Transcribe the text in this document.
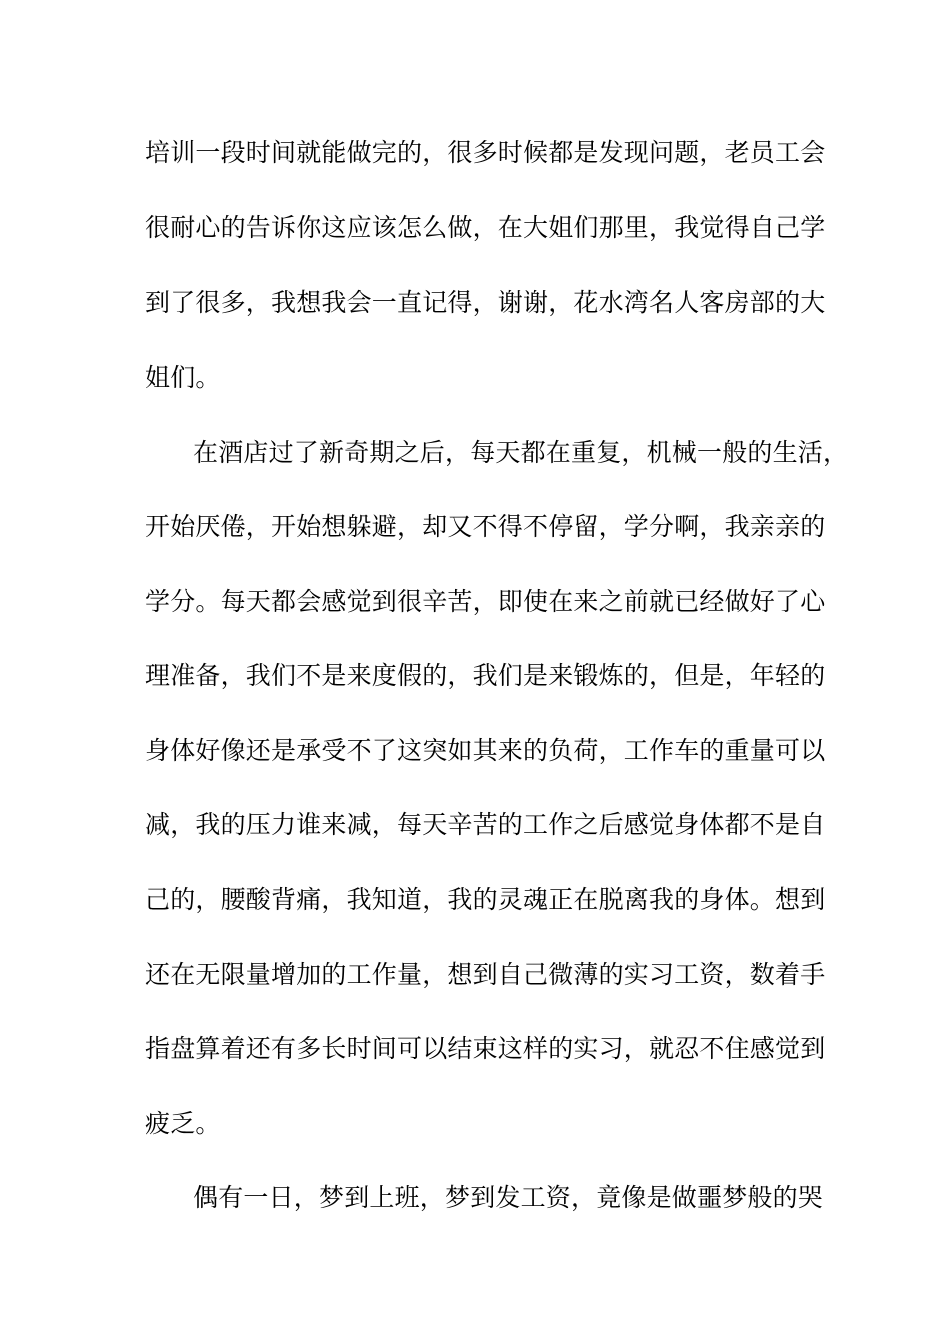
培训一段时间就能做完的，很多时候都是发现问题，老员工会
很耐心的告诉你这应该怎么做，在大姐们那里，我觉得自己学
到了很多，我想我会一直记得，谢谢，花水湾名人客房部的大
姐们。
在酒店过了新奇期之后，每天都在重复，机械一般的生活，
开始厌倦，开始想躲避，却又不得不停留，学分啊，我亲亲的
学分。每天都会感觉到很辛苦，即使在来之前就已经做好了心
理准备，我们不是来度假的，我们是来锻炼的，但是，年轻的
身体好像还是承受不了这突如其来的负荷，工作车的重量可以
减，我的压力谁来减，每天辛苦的工作之后感觉身体都不是自
己的，腰酸背痛，我知道，我的灵魂正在脱离我的身体。想到
还在无限量增加的工作量，想到自己微薄的实习工资，数着手
指盘算着还有多长时间可以结束这样的实习，就忍不住感觉到
疲乏。
偶有一日，梦到上班，梦到发工资，竟像是做噩梦般的哭
